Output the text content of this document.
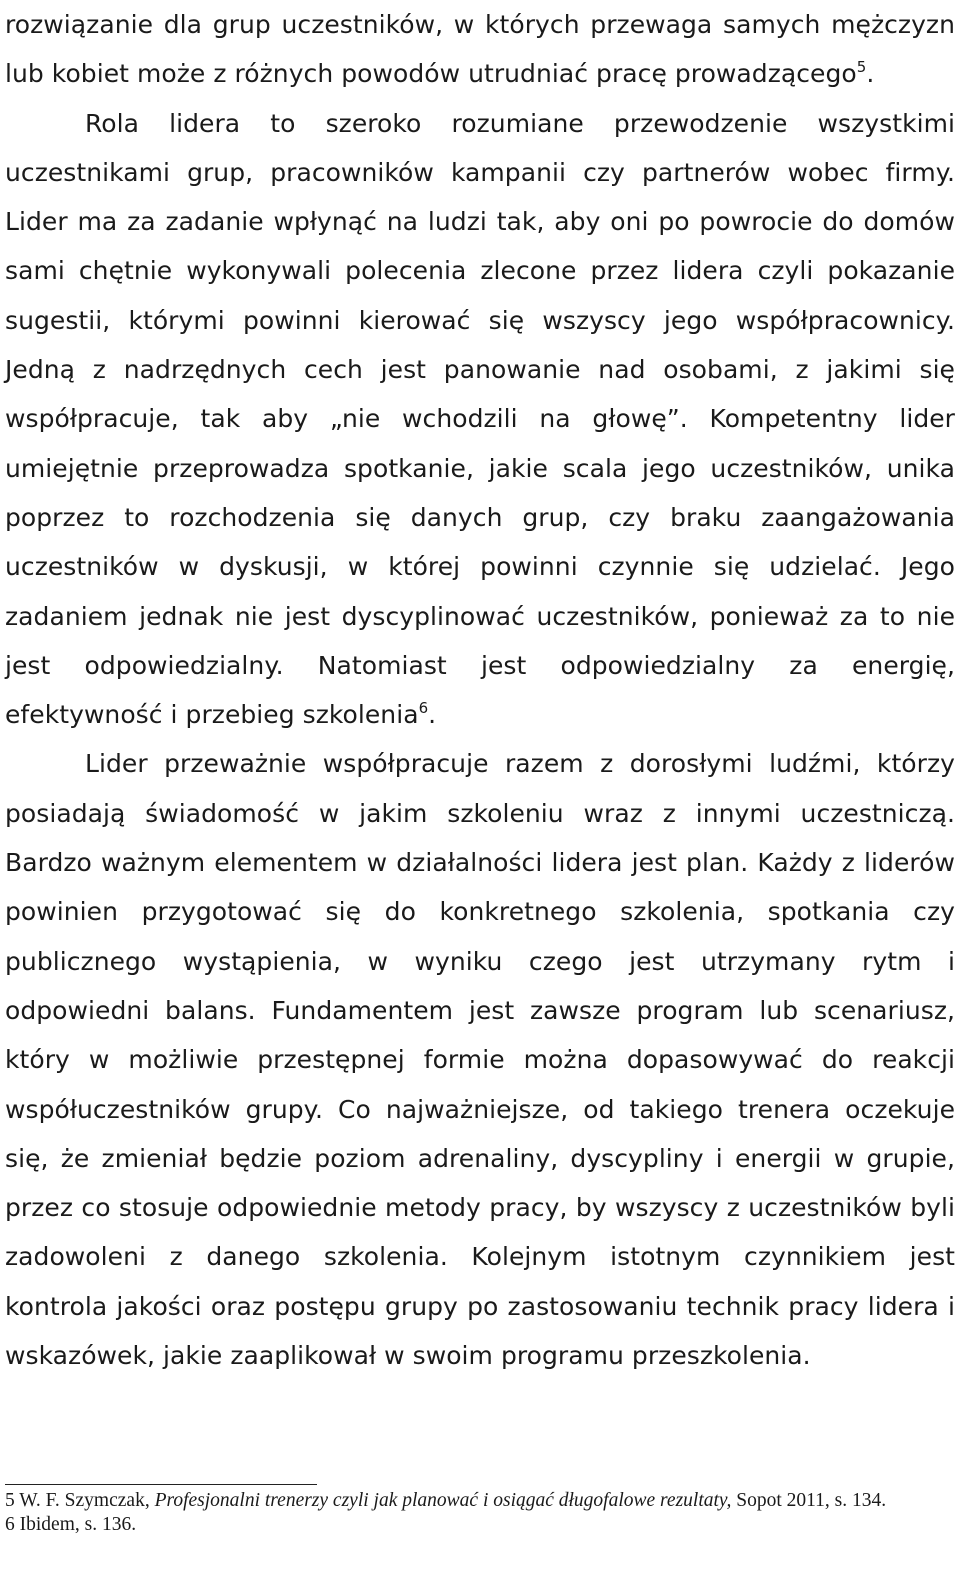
rozwiązanie dla grup uczestników, w których przewaga samych mężczyzn lub kobiet może z różnych powodów utrudniać pracę prowadzącego$^5$.

Rola lidera to szeroko rozumiane przewodzenie wszystkimi uczestnikami grup, pracowników kampanii czy partnerów wobec firmy. Lider ma za zadanie wpłynąć na ludzi tak, aby oni po powrocie do domów sami chętnie wykonywali polecenia zlecone przez lidera czyli pokazanie sugestii, którymi powinni kierować się wszyscy jego współpracownicy. Jedną z nadrzędnych cech jest panowanie nad osobami, z jakimi się współpracuje, tak aby „nie wchodzili na głowę”. Kompetentny lider umiejętnie przeprowadza spotkanie, jakie scala jego uczestników, unika poprzez to rozchodzenia się danych grup, czy braku zaangażowania uczestników w dyskusji, w której powinni czynnie się udzielać. Jego zadaniem jednak nie jest dyscyplinować uczestników, ponieważ za to nie jest odpowiedzialny. Natomiast jest odpowiedzialny za energię, efektywność i przebieg szkolenia$^6$.

Lider przeważnie współpracuje razem z dorosłymi ludźmi, którzy posiadają świadomość w jakim szkoleniu wraz z innymi uczestniczą. Bardzo ważnym elementem w działalności lidera jest plan. Każdy z liderów powinien przygotować się do konkretnego szkolenia, spotkania czy publicznego wystąpienia, w wyniku czego jest utrzymany rytm i odpowiedni balans. Fundamentem jest zawsze program lub scenariusz, który w możliwie przestępnej formie można dopasowywać do reakcji współuczestników grupy. Co najważniejsze, od takiego trenera oczekuje się, że zmieniał będzie poziom adrenaliny, dyscypliny i energii w grupie, przez co stosuje odpowiednie metody pracy, by wszyscy z uczestników byli zadowoleni z danego szkolenia. Kolejnym istotnym czynnikiem jest kontrola jakości oraz postępu grupy po zastosowaniu technik pracy lidera i wskazówek, jakie zaaplikował w swoim programu przeszkolenia.

5 W. F. Szymczak, Profesjonalni trenerzy czyli jak planować i osiągać długofalowe rezultaty, Sopot 2011, s. 134.

6 Ibidem, s. 136.
